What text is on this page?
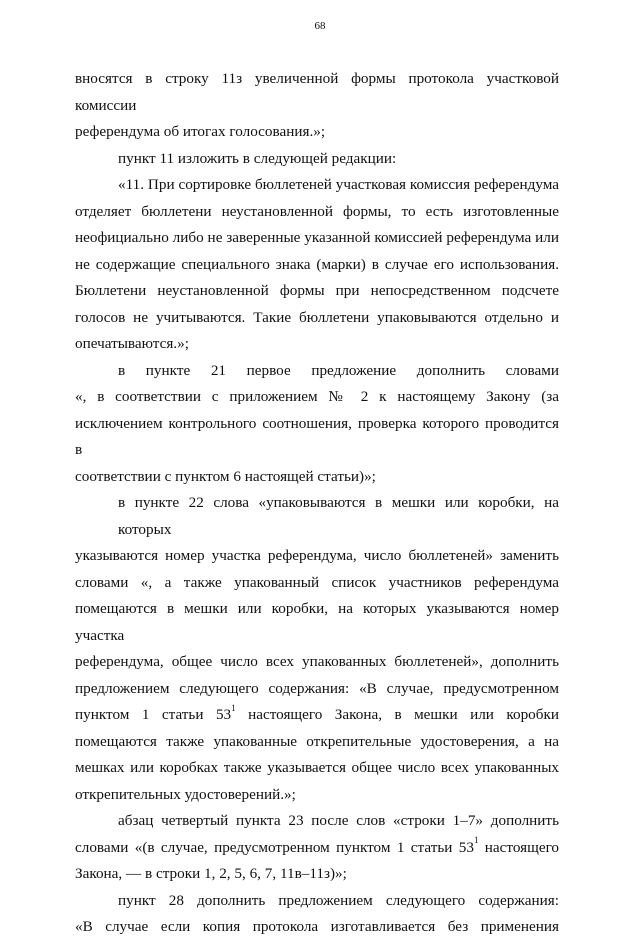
68
вносятся в строку 11з увеличенной формы протокола участковой комиссии
референдума об итогах голосования.»;
пункт 11 изложить в следующей редакции:
«11. При сортировке бюллетеней участковая комиссия референдума
отделяет бюллетени неустановленной формы, то есть изготовленные
неофициально либо не заверенные указанной комиссией референдума или
не содержащие специального знака (марки) в случае его использования.
Бюллетени неустановленной формы при непосредственном подсчете
голосов не учитываются. Такие бюллетени упаковываются отдельно и
опечатываются.»;
в пункте 21 первое предложение дополнить словами
«, в соответствии с приложением № 2 к настоящему Закону (за
исключением контрольного соотношения, проверка которого проводится в
соответствии с пунктом 6 настоящей статьи)»;
в пункте 22 слова «упаковываются в мешки или коробки, на которых
указываются номер участка референдума, число бюллетеней» заменить
словами «, а также упакованный список участников референдума
помещаются в мешки или коробки, на которых указываются номер участка
референдума, общее число всех упакованных бюллетеней», дополнить
предложением следующего содержания: «В случае, предусмотренном
пунктом 1 статьи $53^1$ настоящего Закона, в мешки или коробки
помещаются также упакованные открепительные удостоверения, а на
мешках или коробках также указывается общее число всех упакованных
открепительных удостоверений.»;
абзац четвертый пункта 23 после слов «строки 1–7» дополнить
словами «(в случае, предусмотренном пунктом 1 статьи $53^1$ настоящего
Закона, — в строки 1, 2, 5, 6, 7, 11в–11з)»;
пункт 28 дополнить предложением следующего содержания:
«В случае если копия протокола изготавливается без применения
